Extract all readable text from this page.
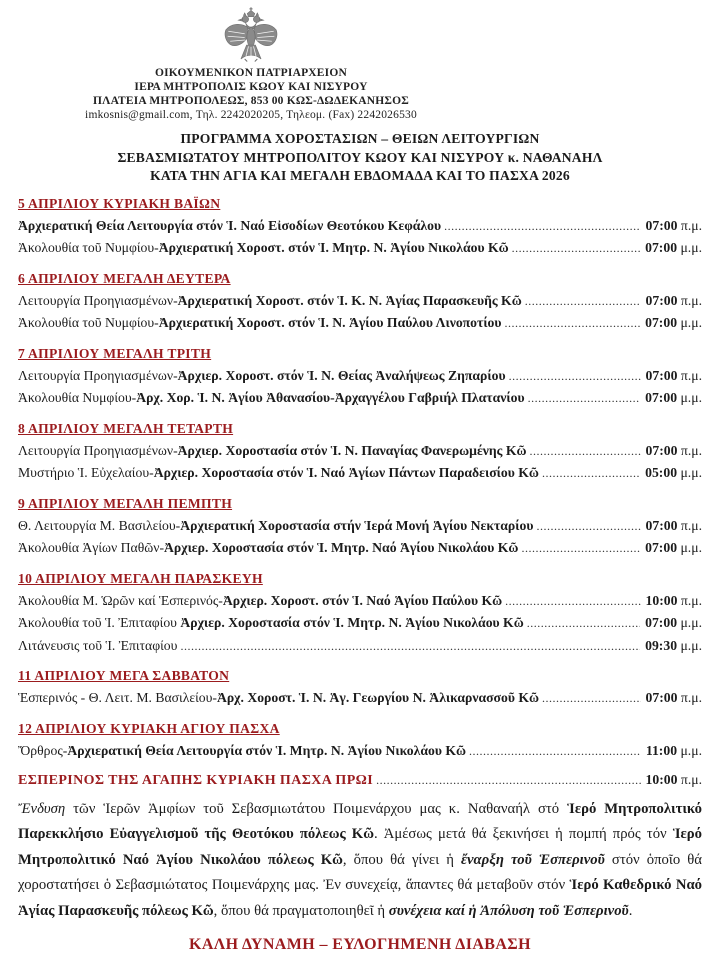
ΟΙΚΟΥΜΕΝΙΚΟΝ ΠΑΤΡΙΑΡΧΕΙΟΝ
ΙΕΡΑ ΜΗΤΡΟΠΟΛΙΣ ΚΩΟΥ ΚΑΙ ΝΙΣΥΡΟΥ
ΠΛΑΤΕΙΑ ΜΗΤΡΟΠΟΛΕΩΣ, 853 00 ΚΩΣ-ΔΩΔΕΚΑΝΗΣΟΣ
imkosnis@gmail.com, Τηλ. 2242020205, Τηλεομ. (Fax) 2242026530
ΠΡΟΓΡΑΜΜΑ ΧΟΡΟΣΤΑΣΙΩΝ – ΘΕΙΩΝ ΛΕΙΤΟΥΡΓΙΩΝ
ΣΕΒΑΣΜΙΩΤΑΤΟΥ ΜΗΤΡΟΠΟΛΙΤΟΥ ΚΩΟΥ ΚΑΙ ΝΙΣΥΡΟΥ κ. ΝΑΘΑΝΑΗΛ
ΚΑΤΑ ΤΗΝ ΑΓΙΑ ΚΑΙ ΜΕΓΑΛΗ ΕΒΔΟΜΑΔΑ ΚΑΙ ΤΟ ΠΑΣΧΑ 2026
5 ΑΠΡΙΛΙΟΥ ΚΥΡΙΑΚΗ ΒΑΪΩΝ
Ἀρχιερατική Θεία Λειτουργία στόν Ἱ. Ναό Εἰσοδίων Θεοτόκου Κεφάλου .....	07:00 π.μ.
Ἀκολουθία τοῦ Νυμφίου-Ἀρχιερατική Χοροστ. στόν Ἱ. Μητρ. Ν. Ἁγίου Νικολάου Κῶ .....	07:00 μ.μ.
6 ΑΠΡΙΛΙΟΥ ΜΕΓΑΛΗ ΔΕΥΤΕΡΑ
Λειτουργία Προηγιασμένων-Ἀρχιερατική Χοροστ. στόν Ἱ. Κ. Ν. Ἁγίας Παρασκευῆς Κῶ .....	07:00 π.μ.
Ἀκολουθία τοῦ Νυμφίου-Ἀρχιερατική Χοροστ. στόν Ἱ. Ν. Ἁγίου Παύλου Λινοποτίου .....	07:00 μ.μ.
7 ΑΠΡΙΛΙΟΥ ΜΕΓΑΛΗ ΤΡΙΤΗ
Λειτουργία Προηγιασμένων-Ἀρχιερ. Χοροστ. στόν Ἱ. Ν. Θείας Ἀναλήψεως Ζηπαρίου .....	07:00 π.μ.
Ἀκολουθία Νυμφίου-Ἀρχ. Χορ. Ἱ. Ν. Ἁγίου Ἀθανασίου-Ἀρχαγγέλου Γαβριήλ Πλατανίου .....	07:00 μ.μ.
8 ΑΠΡΙΛΙΟΥ ΜΕΓΑΛΗ ΤΕΤΑΡΤΗ
Λειτουργία Προηγιασμένων-Ἀρχιερ. Χοροστασία στόν Ἱ. Ν. Παναγίας Φανερωμένης Κῶ .....	07:00 π.μ.
Μυστήριο Ἱ. Εὐχελαίου-Ἀρχιερ. Χοροστασία στόν Ἱ. Ναό Ἁγίων Πάντων Παραδεισίου Κῶ .....	05:00 μ.μ.
9 ΑΠΡΙΛΙΟΥ ΜΕΓΑΛΗ ΠΕΜΠΤΗ
Θ. Λειτουργία Μ. Βασιλείου-Ἀρχιερατική Χοροστασία στήν Ἱερά Μονή Ἁγίου Νεκταρίου .....	07:00 π.μ.
Ἀκολουθία Ἁγίων Παθῶν-Ἀρχιερ. Χοροστασία στόν Ἱ. Μητρ. Ναό Ἁγίου Νικολάου Κῶ .....	07:00 μ.μ.
10 ΑΠΡΙΛΙΟΥ ΜΕΓΑΛΗ ΠΑΡΑΣΚΕΥΗ
Ἀκολουθία Μ. Ὡρῶν καί Ἑσπερινός-Ἀρχιερ. Χοροστ. στόν Ἱ. Ναό Ἁγίου Παύλου Κῶ .....	10:00 π.μ.
Ἀκολουθία τοῦ Ἱ. Ἐπιταφίου Ἀρχιερ. Χοροστασία στόν Ἱ. Μητρ. Ν. Ἁγίου Νικολάου Κῶ .....	07:00 μ.μ.
Λιτάνευσις τοῦ Ἱ. Ἐπιταφίου .....	09:30 μ.μ.
11 ΑΠΡΙΛΙΟΥ ΜΕΓΑ ΣΑΒΒΑΤΟΝ
Ἑσπερινός - Θ. Λειτ. Μ. Βασιλείου-Ἀρχ. Χοροστ. Ἱ. Ν. Ἁγ. Γεωργίου Ν. Ἁλικαρνασσοῦ Κῶ .....	07:00 π.μ.
12 ΑΠΡΙΛΙΟΥ ΚΥΡΙΑΚΗ ΑΓΙΟΥ ΠΑΣΧΑ
Ὄρθρος-Ἀρχιερατική Θεία Λειτουργία στόν Ἱ. Μητρ. Ν. Ἁγίου Νικολάου Κῶ .....	11:00 μ.μ.
ΕΣΠΕΡΙΝΟΣ ΤΗΣ ΑΓΑΠΗΣ ΚΥΡΙΑΚΗ ΠΑΣΧΑ ΠΡΩΙ .....	10:00 π.μ.

Ἔνδυση τῶν Ἱερῶν Ἀμφίων τοῦ Σεβασμιωτάτου Ποιμενάρχου μας κ. Ναθαναήλ στό Ἱερό Μητροπολιτικό Παρεκκλήσιο Εὐαγγελισμοῦ τῆς Θεοτόκου πόλεως Κῶ. Ἀμέσως μετά θά ξεκινήσει ἡ πομπή πρός τόν Ἱερό Μητροπολιτικό Ναό Ἁγίου Νικολάου πόλεως Κῶ, ὅπου θά γίνει ἡ ἔναρξη τοῦ Ἑσπερινοῦ στόν ὁποῖο θά χοροστατήσει ὁ Σεβασμιώτατος Ποιμενάρχης μας. Ἐν συνεχείᾳ, ἅπαντες θά μεταβοῦν στόν Ἱερό Καθεδρικό Ναό Ἁγίας Παρασκευῆς πόλεως Κῶ, ὅπου θά πραγματοποιηθεῖ ἡ συνέχεια καί ἡ Ἀπόλυση τοῦ Ἑσπερινοῦ.

ΚΑΛΗ ΔΥΝΑΜΗ – ΕΥΛΟΓΗΜΕΝΗ ΔΙΑΒΑΣΗ
